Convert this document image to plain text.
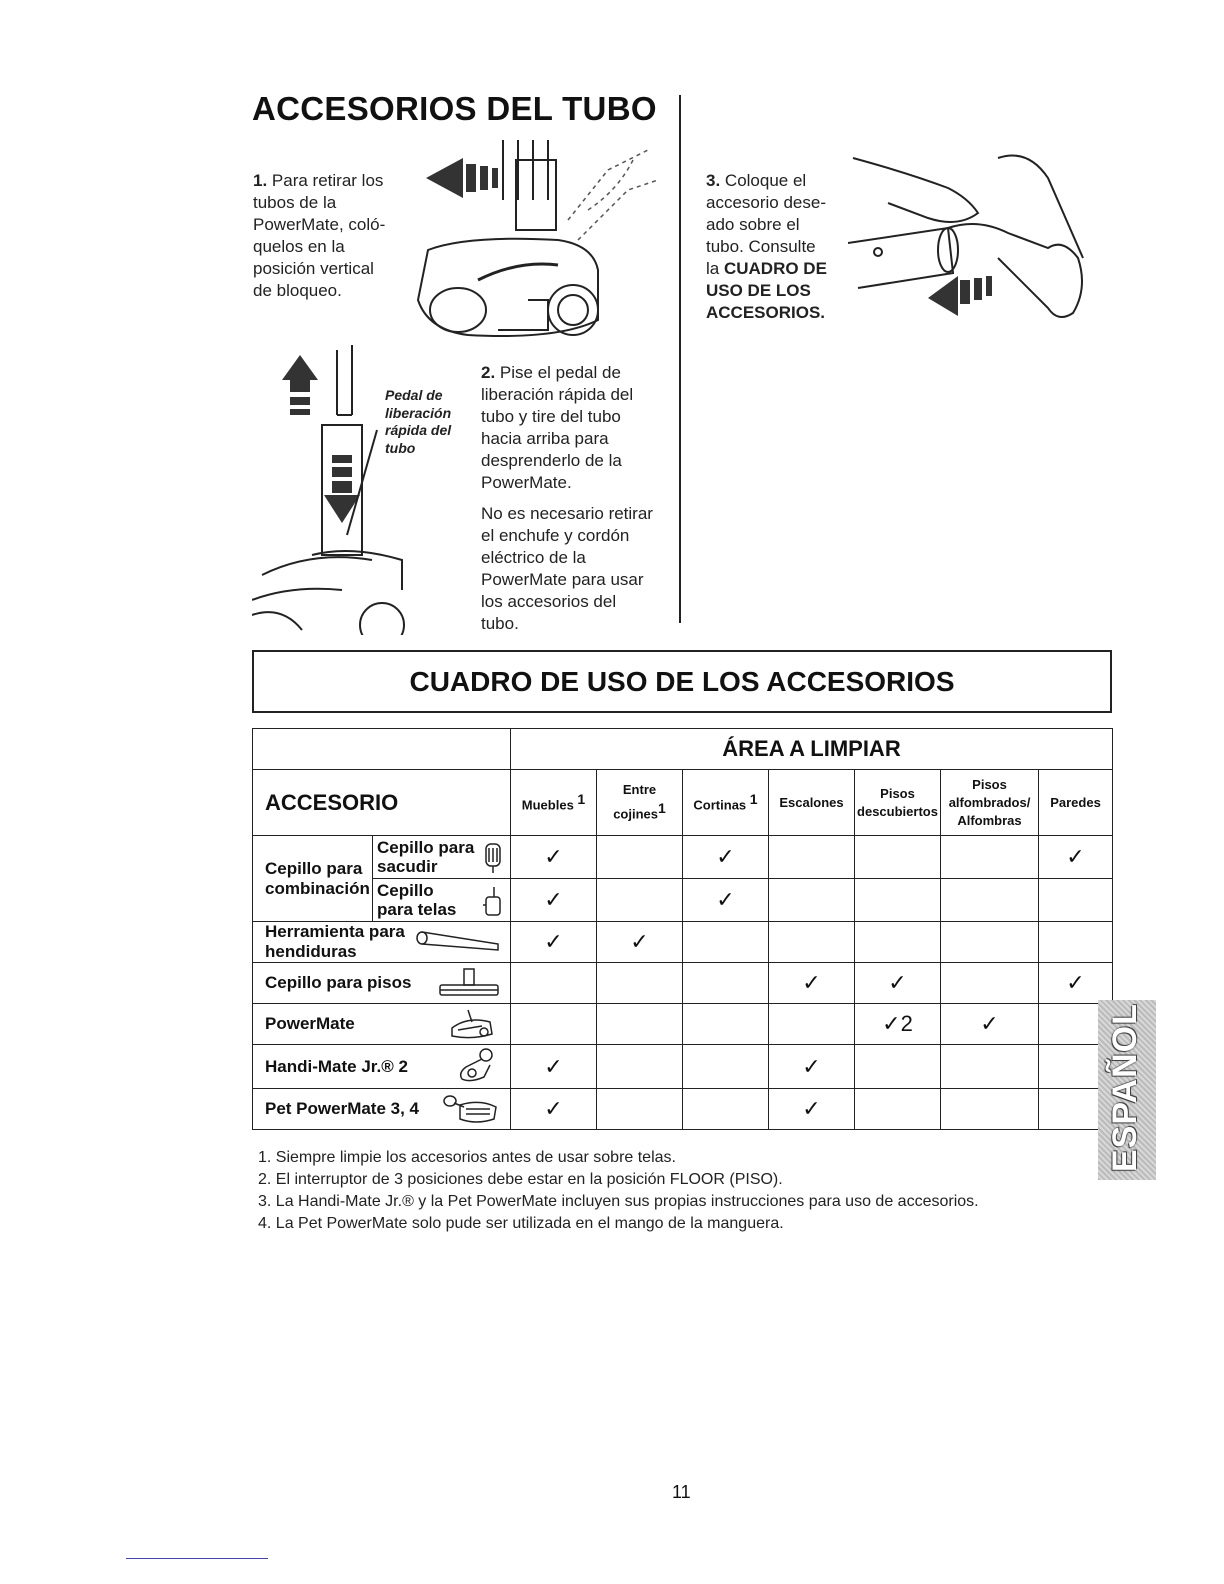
ACCESORIOS DEL TUBO
1. Para retirar los
tubos de la
PowerMate, coló-
quelos en la
posición vertical
de bloqueo.
Pedal de
liberación
rápida del
tubo
2. Pise el pedal de
liberación rápida del
tubo y tire del tubo
hacia arriba para
desprenderlo de la
PowerMate.
No es necesario retirar
el enchufe y cordón
eléctrico de la
PowerMate para usar
los accesorios del
tubo.
3. Coloque el
accesorio dese-
ado sobre el
tubo. Consulte
la CUADRO DE
USO DE LOS
ACCESORIOS.
CUADRO DE USO DE LOS ACCESORIOS
		ÁREA A LIMPIAR						
ACCESORIO		Muebles $^1$	Entre cojines$^1$	Cortinas $^1$	Escalones	Pisos descubiertos	Pisos alfombrados/ Alfombras	Paredes
Cepillo para combinación	Cepillo para sacudir	✓		✓				✓
	Cepillo para telas	✓		✓				
Herramienta para hendiduras		✓	✓					
Cepillo para pisos					✓	✓		✓
PowerMate						✓2	✓	
Handi-Mate Jr.® 2		✓			✓			
Pet PowerMate 3, 4		✓			✓			
1. Siempre limpie los accesorios antes de usar sobre telas.
2. El interruptor de 3 posiciones debe estar en la posición FLOOR (PISO).
3. La Handi-Mate Jr.® y la Pet PowerMate incluyen sus propias instrucciones para uso de accesorios.
4. La Pet PowerMate solo pude ser utilizada en el mango de la manguera.
ESPAÑOL
11
